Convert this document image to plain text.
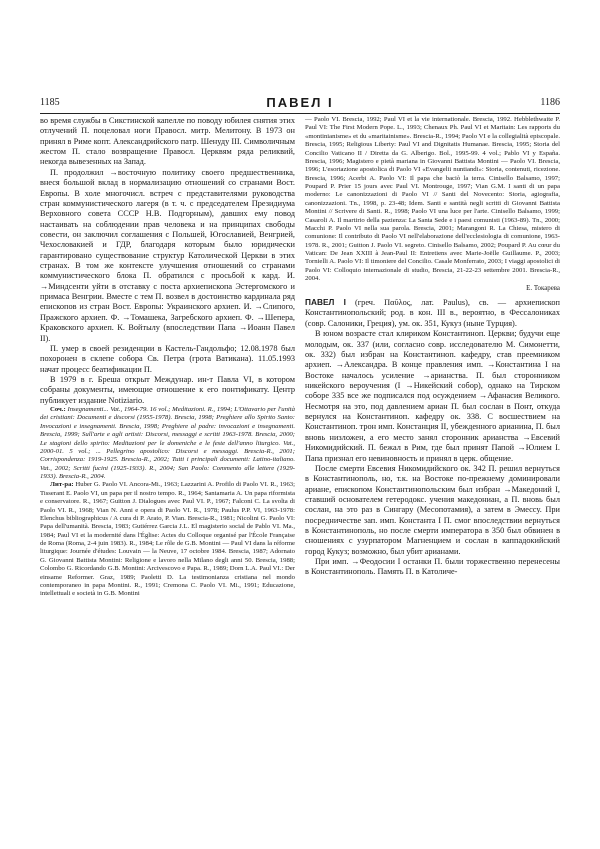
1185	ПАВЕЛ I	1186

во время службы в Сикстинской капелле по поводу юбилея снятия этих отлучений П. поцеловал ноги Правосл. митр. Мелитону. В 1973 он принял в Риме копт. Александрийского патр. Шенуду III. Символичным жестом П. стало возвращение Правосл. Церквям ряда реликвий, некогда вывезенных на Запад.

П. продолжил →восточную политику своего предшественника, внеся большой вклад в нормализацию отношений со странами Вост. Европы. В холе многочисл. встреч с представителями руководства стран коммунистического лагеря (в т. ч. с председателем Президиума Верховного совета СССР Н.В. Подгорным), давших ему повод настаивать на соблюдении прав человека и на принципах свободы совести, он заключил соглашения с Польшей, Югославией, Венгрией, Чехословакией и ГДР, благодаря которым было юридически гарантировано существование структур Католической Церкви в этих странах. В том же контексте улучшения отношений со странами коммунистического блока П. обратился с просьбой к кард. И. →Миндсенти уйти в отставку с поста архиепископа Эстергомского и примаса Венгрии. Вместе с тем П. возвел в достоинство кардинала ряд епископов из стран Вост. Европы: Украинского архиеп. И. →Слипого, Пражского архиеп. Ф. →Томашека, Загребского архиеп. Ф. →Шепера, Краковского архиеп. К. Войтылу (впоследствии Папа →Иоанн Павел II).

П. умер в своей резиденции в Кастель-Гандольфо; 12.08.1978 был похоронен в склепе собора Св. Петра (грота Ватикана). 11.05.1993 начат процесс беатификации П.

В 1979 в г. Бреша открыт Междунар. ин-т Павла VI, в котором собраны документы, имеющие отношение к его понтификату. Центр публикует издание Notiziario.

Соч.: Insegnamenti... Vat., 1964-79. 16 vol.; Meditazioni. R., 1994; L'Ottavario per l'unità dei cristiani: Documenti e discorsi (1955-1978). Brescia, 1998; Preghiere allo Spirito Santo: Invocazioni e insegnamenti. Brescia, 1998; Preghiere al padre: invocazioni e insegnamenti. Brescia, 1999; Sull'arte e agli artisti: Discorsi, messaggi e scritti 1963-1978. Brescia, 2000; Le stagioni dello spirito: Meditazioni per le domeniche e le feste dell'anno liturgico. Vat., 2000-01. 5 vol.; ... Pellegrino apostolico: Discorsi e messaggi. Brescia-R., 2001; Corrispondenza: 1919-1925. Brescia-R., 2002; Tutti i principali documenti: Latino-italiano. Vat., 2002; Scritti fucini (1925-1933). R., 2004; San Paolo: Commento alle lettere (1929-1933). Brescia-R., 2004.

Лит-ра: Huber G. Paolo VI. Ancora-Mi., 1963; Lazzarini A. Profilo di Paolo VI. R., 1963; Tisserant E. Paolo VI, un papa per il nostro tempo. R., 1964; Santamaria A. Un papa riformista e conservatore. R., 1967; Guitton J. Dialogues avec Paul VI. P., 1967; Falconi C. La svolta di Paolo VI. R., 1968; Vian N. Anni e opera di Paolo VI. R., 1978; Paulus P.P. VI, 1963-1978: Elenchus bibliographicus / A cura di P. Arato, P. Vian. Brescia-R., 1981; Nicolini G. Paolo VI: Papa dell'umanità. Brescia, 1983; Gutiérrez Garcia J.L. El magisterio social de Pablo VI. Ma., 1984; Paul VI et la modernité dans l'Église: Actes du Colloque organisé par l'École Française de Roma (Roma, 2-4 juin 1983). R., 1984; Le rôle de G.B. Montini — Paul VI dans la réforme liturgique: Journée d'études: Louvain — la Neuve, 17 octobre 1984. Brescia, 1987; Adornato G. Giovanni Battista Montini: Religione e lavoro nella Milano degli anni 50. Brescia, 1988; Colombo G. Ricordando G.B. Montini: Arcivescovo e Papa. R., 1989; Dorn L.A. Paul VI.: Der einsame Reformer. Graz, 1989; Paoletti D. La testimonianza cristiana nel mondo contemporaneo in papa Montini. R., 1991; Cremona C. Paolo VI. Mi., 1991; Educazione, intellettuali e società in G.B. Montini

— Paolo VI. Brescia, 1992; Paul VI et la vie internationale. Brescia, 1992. Hebblethwaite P. Paul VI: The First Modern Pope. L., 1993; Chenaux Ph. Paul VI et Maritain: Les rapports du «montinianisme» et du «maritainisme». Brescia-R., 1994; Paolo VI e la collegialità episcopale. Brescia, 1995; Religious Liberty: Paul VI and Dignitatis Humanae. Brescia, 1995; Storia del Concilio Vaticano II / Diretta da G. Alberigo. Bol., 1995-99. 4 vol.; Pablo VI y España. Brescia, 1996; Magistero e pietà mariana in Giovanni Battista Montini — Paolo VI. Brescia, 1996; L'esortazione apostolica di Paolo VI «Evangelii nuntiandi»: Storia, contenuti, ricezione. Brescia, 1996; Acerbi A. Paolo VI: Il papa che baciò la terra. Cinisello Balsamo, 1997; Poupard P. Prier 15 jours avec Paul VI. Montrouge, 1997; Vian G.M. I santi di un papa moderno: Le canonizzazioni di Paolo VI // Santi del Novecento: Storia, agiografia, canonizzazioni. Tn., 1998, p. 23-48; Idem. Santi e santità negli scritti di Giovanni Battista Montini // Scrivere di Santi. R., 1998; Paolo VI una luce per l'arte. Cinisello Balsamo, 1999; Casaroli A. Il martirio della pazienza: La Santa Sede e i paesi comunisti (1963-89). Tn., 2000; Macchi P. Paolo VI nella sua parola. Brescia, 2001; Marangoni R. La Chiesa, mistero di comunione: Il contributo di Paolo VI nell'elaborazione dell'ecclesiologia di comunione, 1963-1978. R., 2001; Guitton J. Paolo VI. segreto. Cinisello Balsamo, 2002; Poupard P. Au cœur du Vatican: De Jean XXIII à Jean-Paul II: Entretiens avec Marie-Joëlle Guillaume. P., 2003; Tornielli A. Paolo VI: Il timoniere del Concilio. Casale Monferrato, 2003; I viaggi apostolici di Paolo VI: Colloquio internazionale di studio, Brescia, 21-22-23 settembre 2001. Brescia-R., 2004.

Е. Токарева

ПАВЕЛ I (греч. Παῦλος, лат. Paulus), св. — архиепископ Константинопольский; род. в кон. III в., вероятно, в Фессалониках (совр. Салоники, Греция), ум. ок. 351, Кукуз (ныне Турция).

В юном возрасте стал клириком Константиноп. Церкви; будучи еще молодым, ок. 337 (или, согласно совр. исследователю М. Симонетти, ок. 332) был избран на Константиноп. кафедру, став преемником архиеп. →Александра. В конце правления имп. →Константина I на Востоке началось усиление →арианства. П. был сторонником никейского вероучения (I →Никейский собор), однако на Тирском соборе 335 все же подписался под осуждением →Афанасия Великого. Несмотря на это, под давлением ариан П. был сослан в Понт, откуда вернулся на Константиноп. кафедру ок. 338. С восшествием на Константиноп. трон имп. Констанция II, убежденного арианина, П. был вновь низложен, а его место занял сторонник арианства →Евсевий Никомидийский. П. бежал в Рим, где был принят Папой →Юлием I. Папа признал его невиновность и принял в церк. общение.

После смерти Евсевия Никомидийского ок. 342 П. решил вернуться в Константинополь, но, т.к. на Востоке по-прежнему доминировали ариане, епископом Константинопольским был избран →Македоний I, ставший основателем гетеродокс. учения македониан, а П. вновь был сослан, на это раз в Сингару (Месопотамия), а затем в Эмессу. При посредничестве зап. имп. Константа I П. смог впоследствии вернуться в Константинополь, но после смерти императора в 350 был обвинен в сношениях с узурпатором Магненцием и сослан в каппадокийский город Кукуз; возможно, был убит арианами.

При имп. →Феодосии I останки П. были торжественно перенесены в Константинополь. Память П. в Католиче-
